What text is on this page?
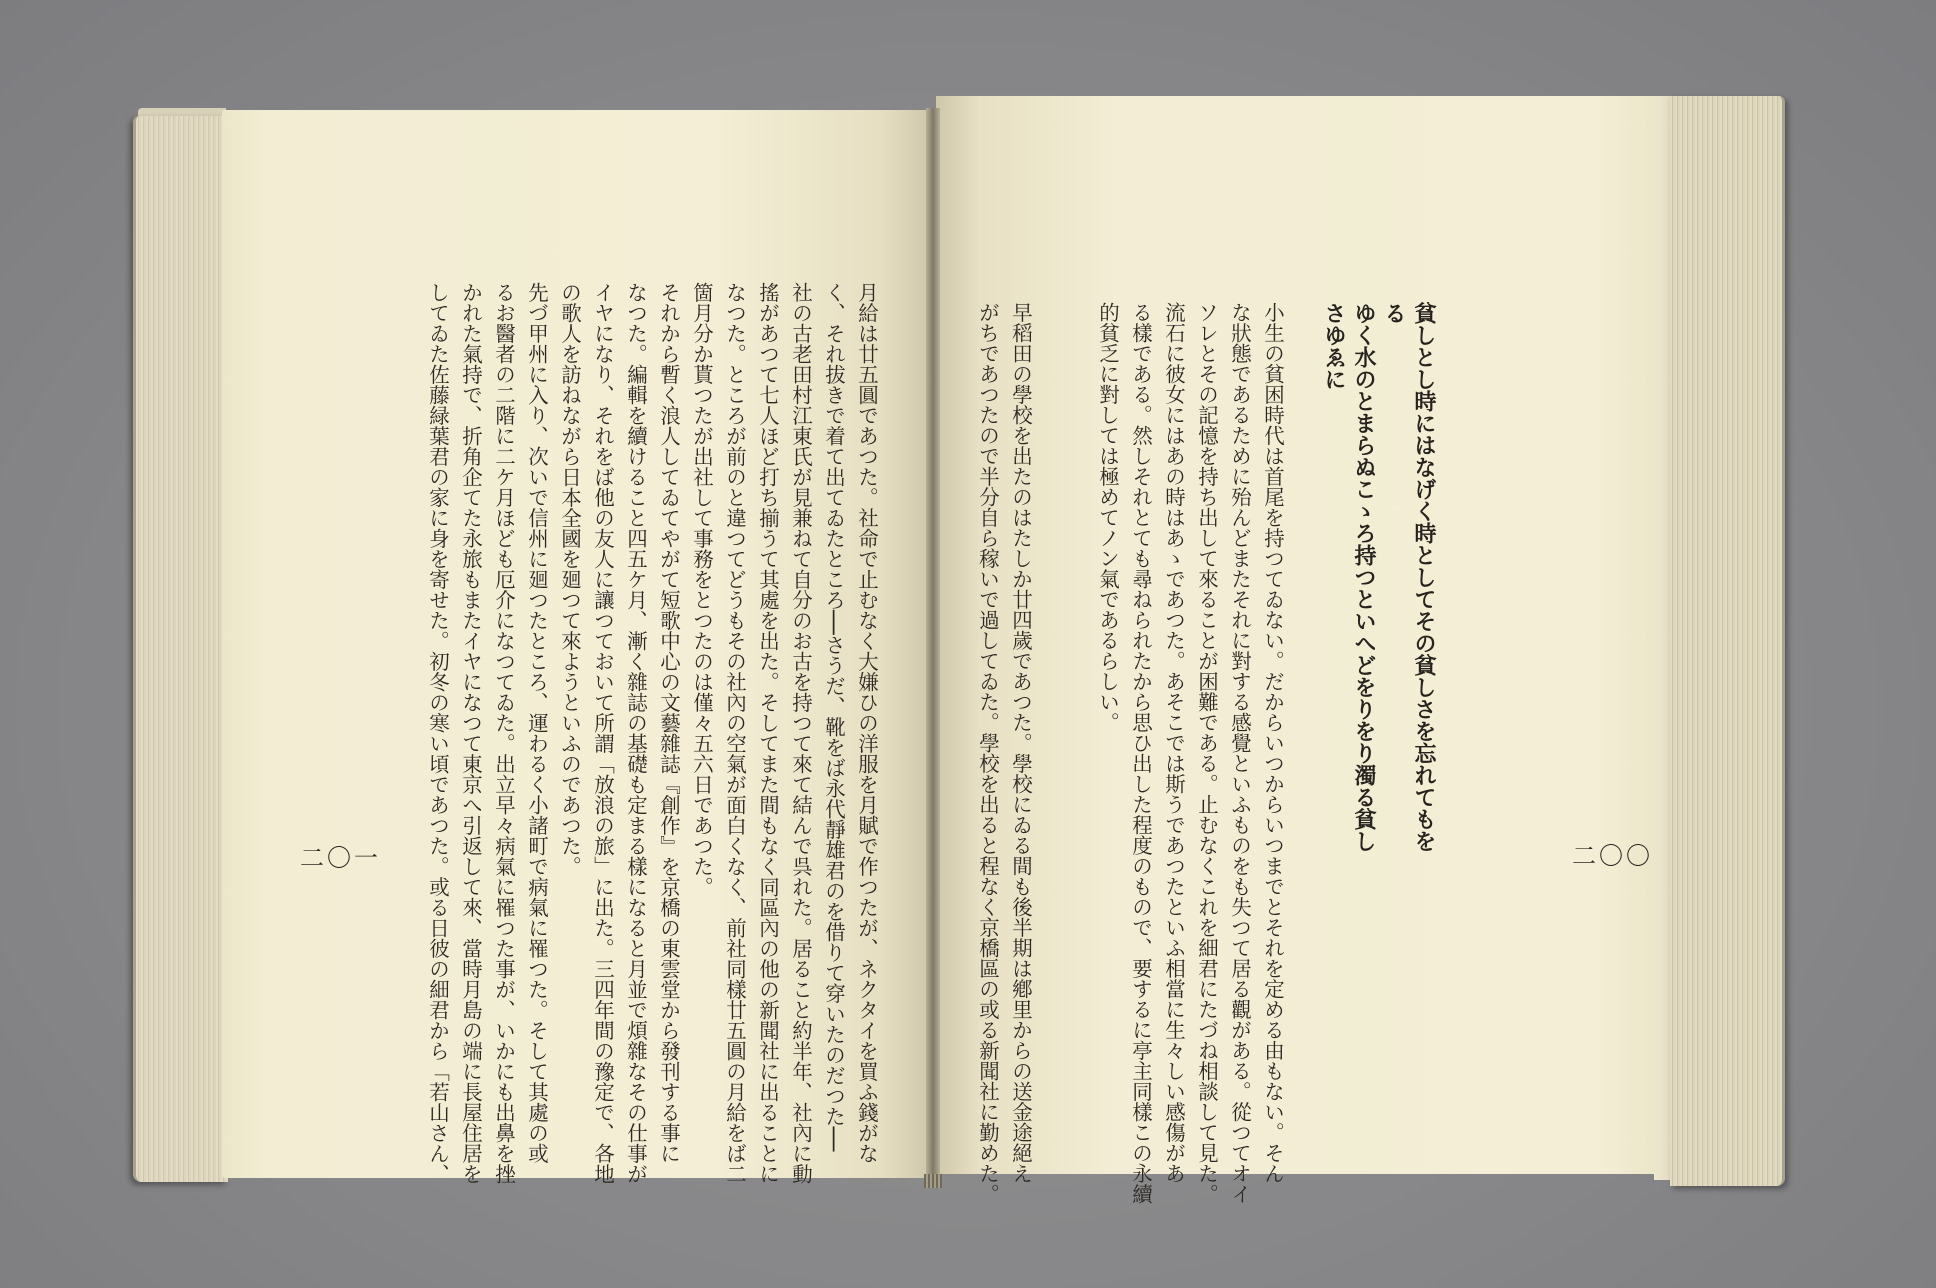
貧しとし時にはなげく時としてその貧しさを忘れてもを
る
ゆく水のとまらぬこゝろ持つといへどをりをり濁る貧し
さゆゑに
小生の貧困時代は首尾を持つてゐない。だからいつからいつまでとそれを定める由もない。そん
な狀態であるために殆んどまたそれに對する感覺といふものをも失つて居る觀がある。從つてオイ
ソレとその記憶を持ち出して來ることが困難である。止むなくこれを細君にたづね相談して見た。
流石に彼女にはあの時はあゝであつた。あそこでは斯うであつたといふ相當に生々しい感傷があ
る樣である。然しそれとても尋ねられたから思ひ出した程度のもので、要するに亭主同樣この永續
的貧乏に對しては極めてノン氣であるらしい。
早稻田の學校を出たのはたしか廿四歲であつた。學校にゐる間も後半期は鄕里からの送金途絕え
がちであつたので半分自ら稼いで過してゐた。學校を出ると程なく京橋區の或る新聞社に勤めた。	二〇〇
月給は廿五圓であつた。社命で止むなく大嫌ひの洋服を月賦で作つたが、ネクタイを買ふ錢がな
く、それ拔きで着て出てゐたところ──さうだ、靴をば永代靜雄君のを借りて穿いたのだつた──
社の古老田村江東氏が見兼ねて自分のお古を持つて來て結んで呉れた。居ること約半年、社內に動
搖があつて七人ほど打ち揃うて其處を出た。そしてまた間もなく同區內の他の新聞社に出ることに
なつた。ところが前のと違つてどうもその社內の空氣が面白くなく、前社同樣廿五圓の月給をば二
箇月分か貰つたが出社して事務をとつたのは僅々五六日であつた。
それから暫く浪人してゐてやがて短歌中心の文藝雜誌『創作』を京橋の東雲堂から發刊する事に
なつた。編輯を續けること四五ケ月、漸く雜誌の基礎も定まる樣になると月並で煩雜なその仕事が
イヤになり、それをば他の友人に讓つておいて所謂「放浪の旅」に出た。三四年間の豫定で、各地
の歌人を訪ねながら日本全國を廻つて來ようといふのであつた。
先づ甲州に入り、次いで信州に廻つたところ、運わるく小諸町で病氣に罹つた。そして其處の或
るお醫者の二階に二ケ月ほども厄介になつてゐた。出立早々病氣に罹つた事が、いかにも出鼻を挫
かれた氣持で、折角企てた永旅もまたイヤになつて東京へ引返して來、當時月島の端に長屋住居を
してゐた佐藤緑葉君の家に身を寄せた。初冬の寒い頃であつた。或る日彼の細君から「若山さん、
二〇一
